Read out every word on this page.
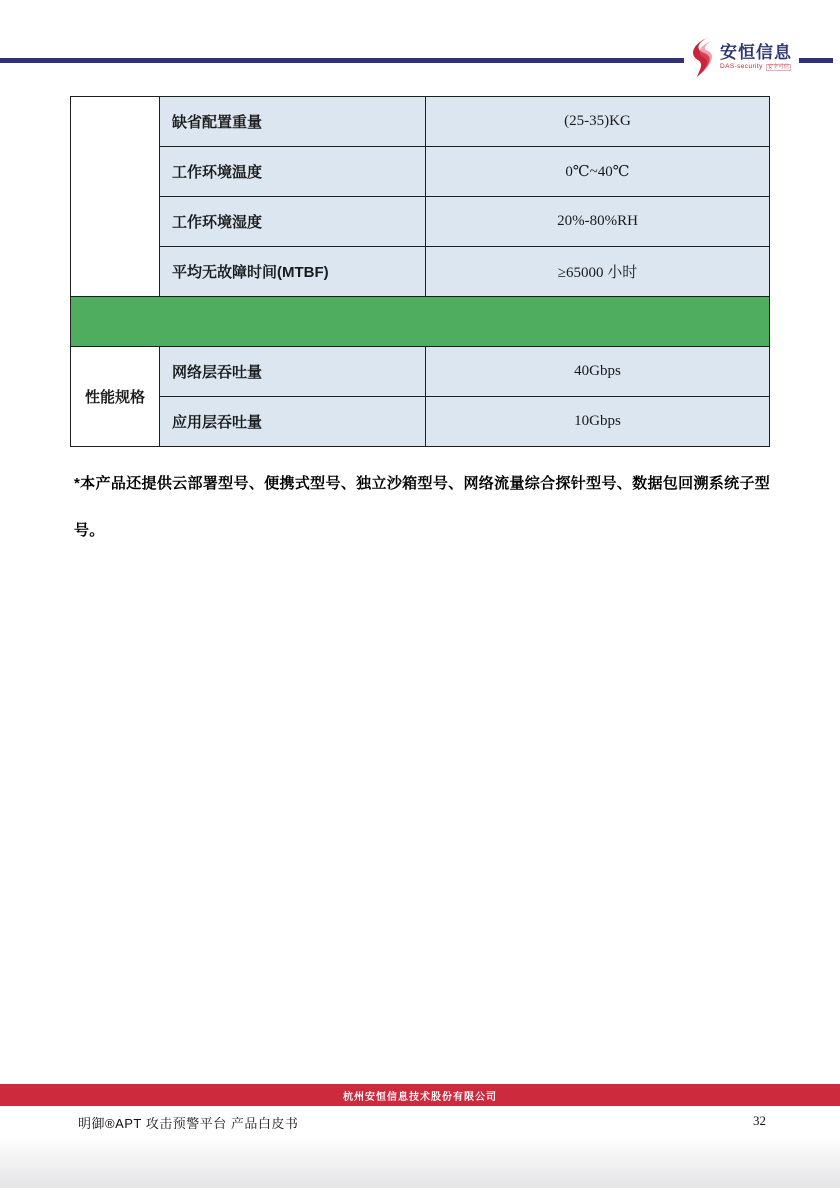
安恒信息
DAS-security	安全可信
	缺省配置重量	(25-35)KG
	工作环境温度	0℃~40℃
	工作环境湿度	20%-80%RH
	平均无故障时间(MTBF)	≥65000 小时

性能规格	网络层吞吐量	40Gbps
	应用层吞吐量	10Gbps
*本产品还提供云部署型号、便携式型号、独立沙箱型号、网络流量综合探针型号、数据包回溯系统子型号。
杭州安恒信息技术股份有限公司
明御®APT 攻击预警平台 产品白皮书	32
